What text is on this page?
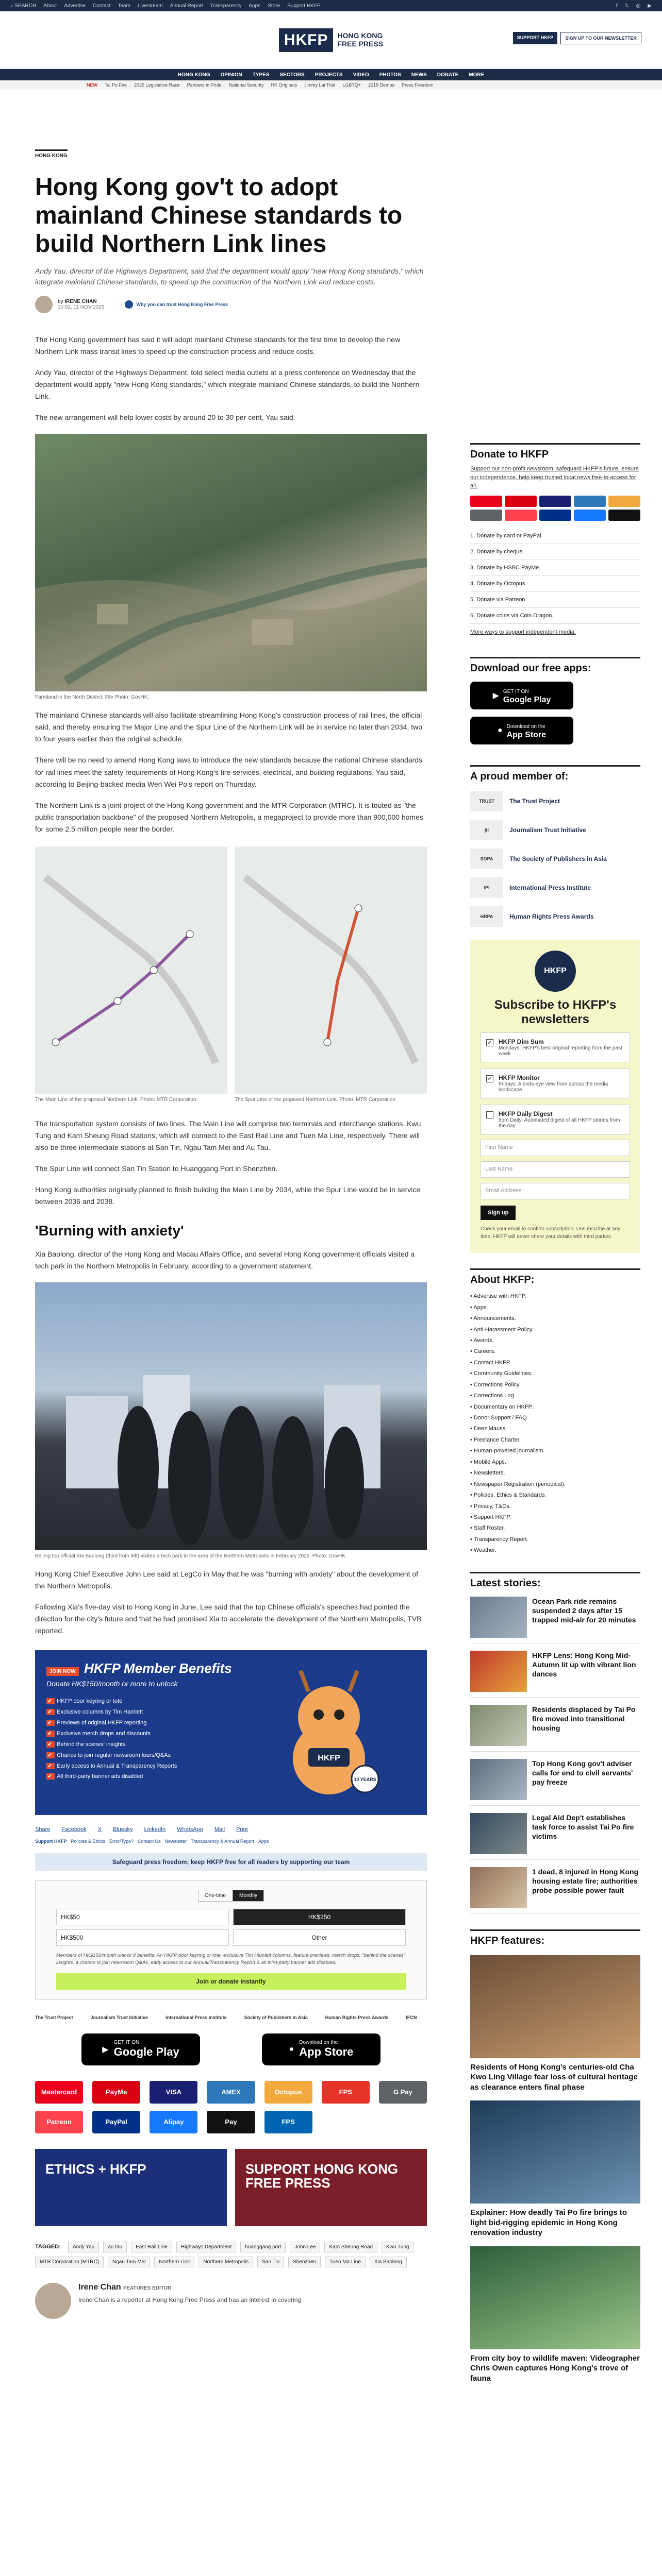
⌕ SEARCH About Advertise Contact Team Livestream Annual Report Transparency Apps Store Support HKFP	f 𝕏 ◎ ▶
HKFP	HONG KONG
FREE PRESS
SUPPORT HKFP	SIGN UP TO OUR NEWSLETTER
HONG KONG OPINION TYPES SECTORS PROJECTS VIDEO PHOTOS NEWS DONATE MORE
NEW Tai Po Fire 2025 Legislative Race Partners in Pride National Security HK Originals Jimmy Lai Trial LGBTQ+ 2019 Demos Press Freedom
HONG KONG
Hong Kong gov't to adopt mainland Chinese standards to build Northern Link lines
Andy Yau, director of the Highways Department, said that the department would apply "new Hong Kong standards," which integrate mainland Chinese standards, to speed up the construction of the Northern Link and reduce costs.
by IRENE CHAN
10:02, 11 NOV 2025	Why you can trust Hong Kong Free Press

The Hong Kong government has said it will adopt mainland Chinese standards for the first time to develop the new Northern Link mass transit lines to speed up the construction process and reduce costs.

Andy Yau, director of the Highways Department, told select media outlets at a press conference on Wednesday that the department would apply "new Hong Kong standards," which integrate mainland Chinese standards, to build the Northern Link.

The new arrangement will help lower costs by around 20 to 30 per cent, Yau said.

Farmland in the North District. File Photo: GovHK.

The mainland Chinese standards will also facilitate streamlining Hong Kong's construction process of rail lines, the official said, and thereby ensuring the Major Line and the Spur Line of the Northern Link will be in service no later than 2034, two to four years earlier than the original schedule.

There will be no need to amend Hong Kong laws to introduce the new standards because the national Chinese standards for rail lines meet the safety requirements of Hong Kong's fire services, electrical, and building regulations, Yau said, according to Beijing-backed media Wen Wei Po's report on Thursday.

The Northern Link is a joint project of the Hong Kong government and the MTR Corporation (MTRC). It is touted as "the public transportation backbone" of the proposed Northern Metropolis, a megaproject to provide more than 900,000 homes for some 2.5 million people near the border.

The Main Line of the proposed Northern Link. Photo: MTR Corporation.	The Spur Line of the proposed Northern Link. Photo: MTR Corporation.

The transportation system consists of two lines. The Main Line will comprise two terminals and interchange stations, Kwu Tung and Kam Sheung Road stations, which will connect to the East Rail Line and Tuen Ma Line, respectively. There will also be three intermediate stations at San Tin, Ngau Tam Mei and Au Tau.

The Spur Line will connect San Tin Station to Huanggang Port in Shenzhen.

Hong Kong authorities originally planned to finish building the Main Line by 2034, while the Spur Line would be in service between 2036 and 2038.

'Burning with anxiety'

Xia Baolong, director of the Hong Kong and Macau Affairs Office, and several Hong Kong government officials visited a tech park in the Northern Metropolis in February, according to a government statement.

Beijing top official Xia Baolong (third from left) visited a tech park in the area of the Northern Metropolis in February 2025. Photo: GovHK.

Hong Kong Chief Executive John Lee said at LegCo in May that he was "burning with anxiety" about the development of the Northern Metropolis.

Following Xia's five-day visit to Hong Kong in June, Lee said that the top Chinese officials's speeches had pointed the direction for the city's future and that he had promised Xia to accelerate the development of the Northern Metropolis, TVB reported.

JOIN NOW HKFP Member Benefits
Donate HK$150/month or more to unlock
✔ HKFP door keyring or tote
✔ Exclusive columns by Tim Hamlett
✔ Previews of original HKFP reporting
✔ Exclusive merch drops and discounts
✔ Behind the scenes' insights
✔ Chance to join regular newsroom tours/Q&As
✔ Early access to Annual & Transparency Reports
✔ All third-party banner ads disabled
HKFP
10 YEARS
Share Facebook X Bluesky LinkedIn WhatsApp Mail Print
Support HKFP Policies & Ethics Error/Typo? Contact Us Newsletter Transparency & Annual Report Apps
Safeguard press freedom; keep HKFP free for all readers by supporting our team
One-time	Monthly
HK$50	HK$250
HK$500	Other
Members of HK$150/month unlock 8 benefits: An HKFP door keyring or tote, exclusive Tim Hamlett columns, feature previews, merch drops, "behind the scenes" insights, a chance to join newsroom Q&As, early access to our Annual/Transparency Report & all third-party banner ads disabled.
Join or donate instantly
The Trust Project	Journalism Trust Initiative	International Press Institute	Society of Publishers in Asia	Human Rights Press Awards	IFCN
▶
GET IT ON
Google Play	●
Download on the
App Store
Mastercard	PayMe	VISA	AMEX	Octopus	FPS	G Pay
Patreon	PayPal	Alipay	Pay	FPS
ETHICS + HKFP	SUPPORT HONG KONG FREE PRESS
TAGGED:	Andy Yau	au tau	East Rail Line	Highways Department	huanggang port	John Lee	Kam Sheung Road	Kwu Tung
MTR Corporation (MTRC)	Ngau Tam Mei	Northern Link	Northern Metropolis	San Tin	Shenzhen	Tuen Ma Line	Xia Baolong
Irene Chan FEATURES EDITOR
Irene Chan is a reporter at Hong Kong Free Press and has an interest in covering
Donate to HKFP
Support our non-profit newsroom; safeguard HKFP's future, ensure our independence, help keep trusted local news free-to-access for all.
1. Donate by card or PayPal.
2. Donate by cheque.
3. Donate by HSBC PayMe.
4. Donate by Octopus.
5. Donate via Patreon.
6. Donate coins via Coin Dragon.
More ways to support independent media.
Download our free apps:
▶ GET IT ON
Google Play
● Download on the
App Store
A proud member of:
TRUST	The Trust Project
jti	Journalism Trust Initiative
SOPA	The Society of Publishers in Asia
IPI	International Press Institute
HRPA	Human Rights Press Awards
HKFP
Subscribe to HKFP's newsletters
✓ HKFP Dim Sum
Mondays: HKFP's best original reporting from the past week.
✓ HKFP Monitor
Fridays: A birds-eye view from across the media landscape.
HKFP Daily Digest
8pm Daily: Automated digest of all HKFP stories from the day.
First Name
Last Name
Email Address
Sign up
Check your email to confirm subscription. Unsubscribe at any time. HKFP will never share your details with third parties.
About HKFP:
• Advertise with HKFP.
• Apps.
• Announcements.
• Anti-Harassment Policy.
• Awards.
• Careers.
• Contact HKFP.
• Community Guidelines.
• Corrections Policy.
• Corrections Log.
• Documentary on HKFP.
• Donor Support / FAQ.
• Deez Mauss.
• Freelance Charter.
• Human-powered journalism.
• Mobile Apps.
• Newsletters.
• Newspaper Registration (periodical).
• Policies, Ethics & Standards.
• Privacy, T&Cs.
• Support HKFP.
• Staff Roster.
• Transparency Report.
• Weather.
Latest stories:
Ocean Park ride remains suspended 2 days after 15 trapped mid-air for 20 minutes
HKFP Lens: Hong Kong Mid-Autumn lit up with vibrant lion dances
Residents displaced by Tai Po fire moved into transitional housing
Top Hong Kong gov't adviser calls for end to civil servants' pay freeze
Legal Aid Dep't establishes task force to assist Tai Po fire victims
1 dead, 8 injured in Hong Kong housing estate fire; authorities probe possible power fault
HKFP features:
Residents of Hong Kong's centuries-old Cha Kwo Ling Village fear loss of cultural heritage as clearance enters final phase
Explainer: How deadly Tai Po fire brings to light bid-rigging epidemic in Hong Kong renovation industry
From city boy to wildlife maven: Videographer Chris Owen captures Hong Kong's trove of fauna
